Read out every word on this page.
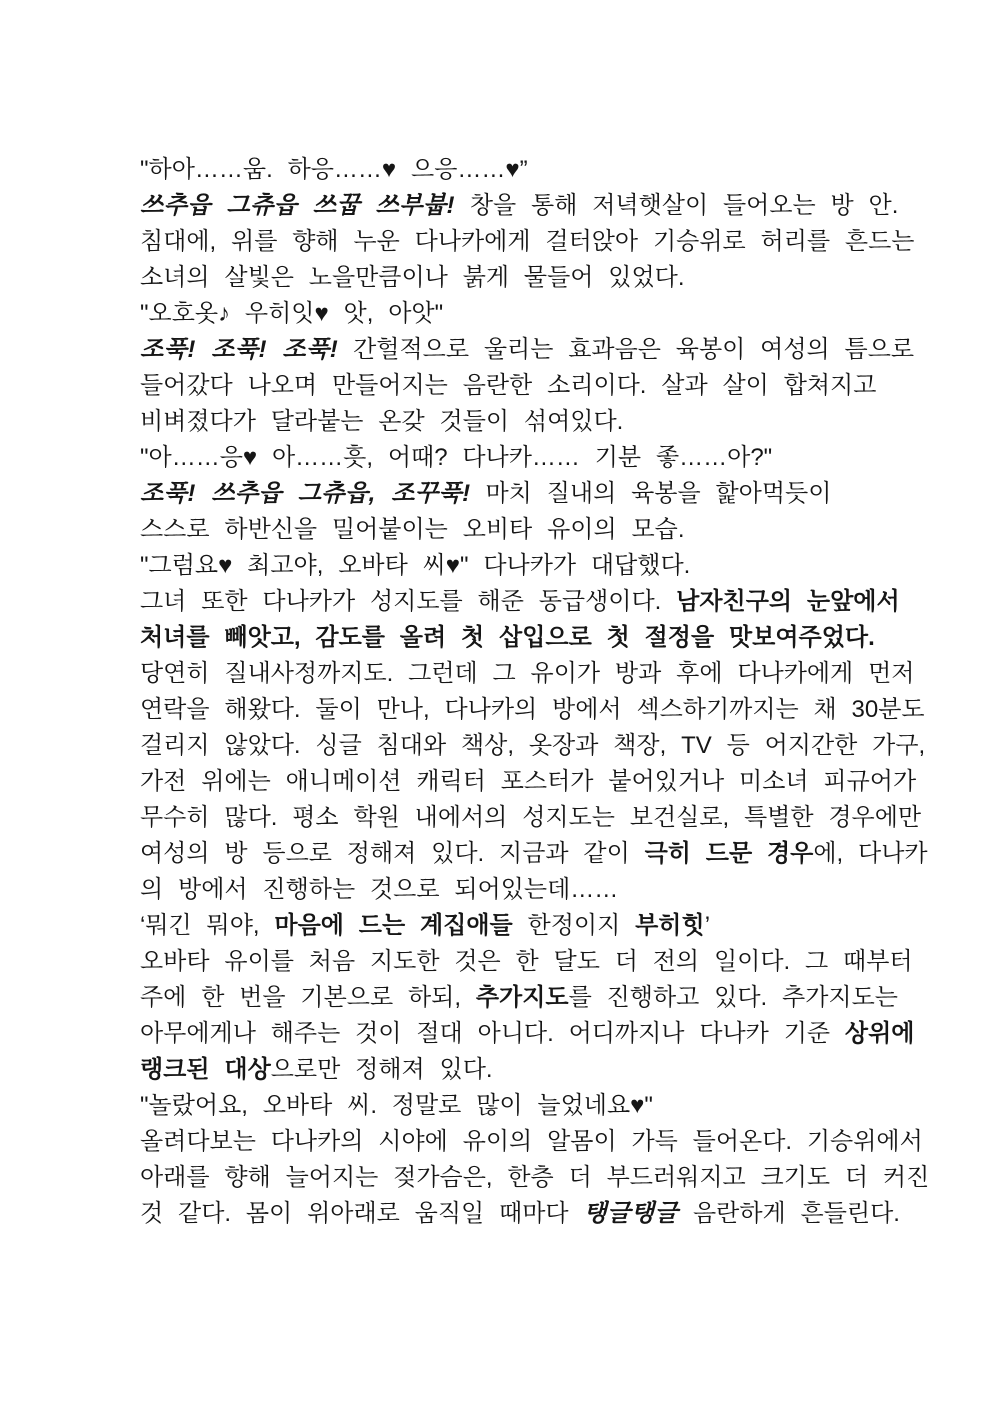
"하아……움. 하응……♥ 으응……♥”
쓰추읍 그츄읍 쓰꿉 쓰부붑! 창을 통해 저녁햇살이 들어오는 방 안.
침대에, 위를 향해 누운 다나카에게 걸터앉아 기승위로 허리를 흔드는
소녀의 살빛은 노을만큼이나 붉게 물들어 있었다.
"오호옷♪ 우히잇♥ 앗, 아앗"
조푹! 조푹! 조푹! 간헐적으로 울리는 효과음은 육봉이 여성의 틈으로
들어갔다 나오며 만들어지는 음란한 소리이다. 살과 살이 합쳐지고
비벼졌다가 달라붙는 온갖 것들이 섞여있다.
"아……응♥ 아……흣, 어때? 다나카…… 기분 좋……아?"
조푹! 쓰추읍 그츄읍, 조꾸푹! 마치 질내의 육봉을 핥아먹듯이
스스로 하반신을 밀어붙이는 오비타 유이의 모습.
"그럼요♥ 최고야, 오바타 씨♥" 다나카가 대답했다.
그녀 또한 다나카가 성지도를 해준 동급생이다. 남자친구의 눈앞에서
처녀를 빼앗고, 감도를 올려 첫 삽입으로 첫 절정을 맛보여주었다.
당연히 질내사정까지도. 그런데 그 유이가 방과 후에 다나카에게 먼저
연락을 해왔다. 둘이 만나, 다나카의 방에서 섹스하기까지는 채 30분도
걸리지 않았다. 싱글 침대와 책상, 옷장과 책장, TV 등 어지간한 가구,
가전 위에는 애니메이션 캐릭터 포스터가 붙어있거나 미소녀 피규어가
무수히 많다. 평소 학원 내에서의 성지도는 보건실로, 특별한 경우에만
여성의 방 등으로 정해져 있다. 지금과 같이 극히 드문 경우에, 다나카
의 방에서 진행하는 것으로 되어있는데……
‘뭐긴 뭐야, 마음에 드는 계집애들 한정이지 부히힛’
오바타 유이를 처음 지도한 것은 한 달도 더 전의 일이다. 그 때부터
주에 한 번을 기본으로 하되, 추가지도를 진행하고 있다. 추가지도는
아무에게나 해주는 것이 절대 아니다. 어디까지나 다나카 기준 상위에
랭크된 대상으로만 정해져 있다.
"놀랐어요, 오바타 씨. 정말로 많이 늘었네요♥"
올려다보는 다나카의 시야에 유이의 알몸이 가득 들어온다. 기승위에서
아래를 향해 늘어지는 젖가슴은, 한층 더 부드러워지고 크기도 더 커진
것 같다. 몸이 위아래로 움직일 때마다 탱글탱글 음란하게 흔들린다.
